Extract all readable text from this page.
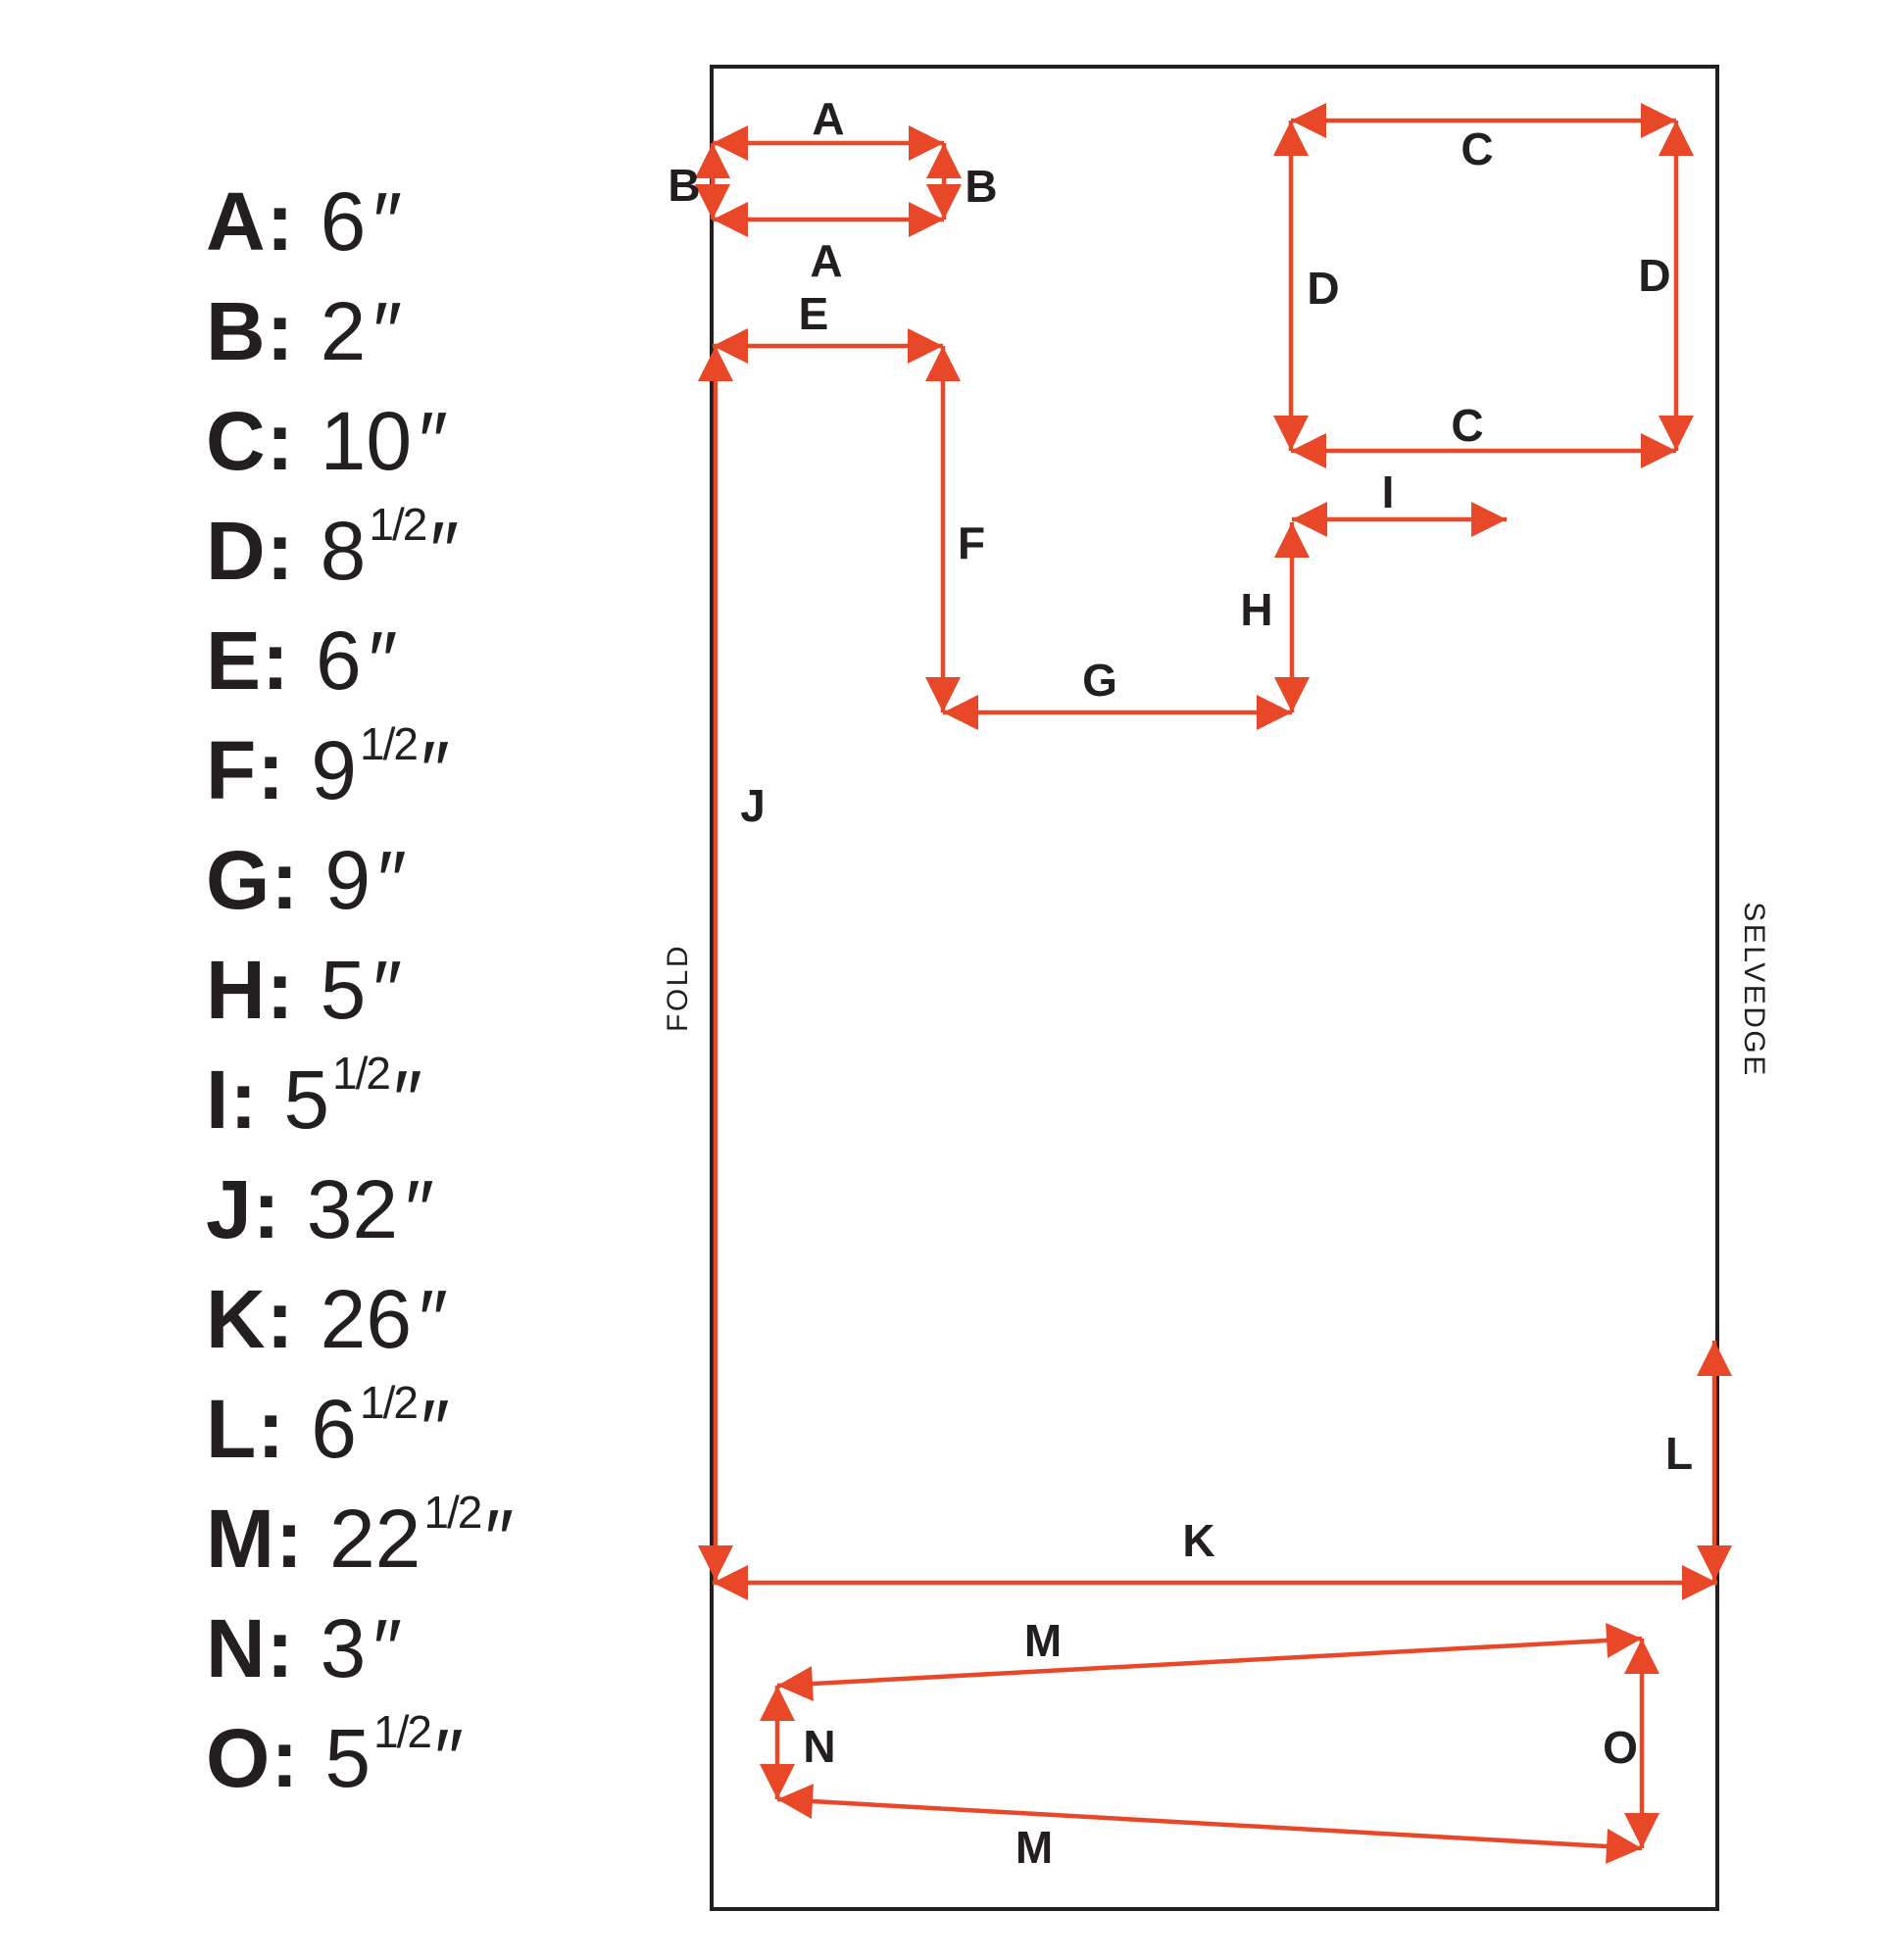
A: 6 ″
B: 2 ″
C: 10 ″
D: 8 1/2 ″
E: 6 ″
F: 9 1/2 ″
G: 9 ″
H: 5 ″
I: 5 1/2 ″
J: 32 ″
K: 26 ″
L: 6 1/2 ″
M: 22 1/2 ″
N: 3 ″
O: 5 1/2 ″
A
A
B	B
C
C
D	D
E
F
G
H
I
J
K
L
M
N
M
O
FOLD	SELVEDGE
